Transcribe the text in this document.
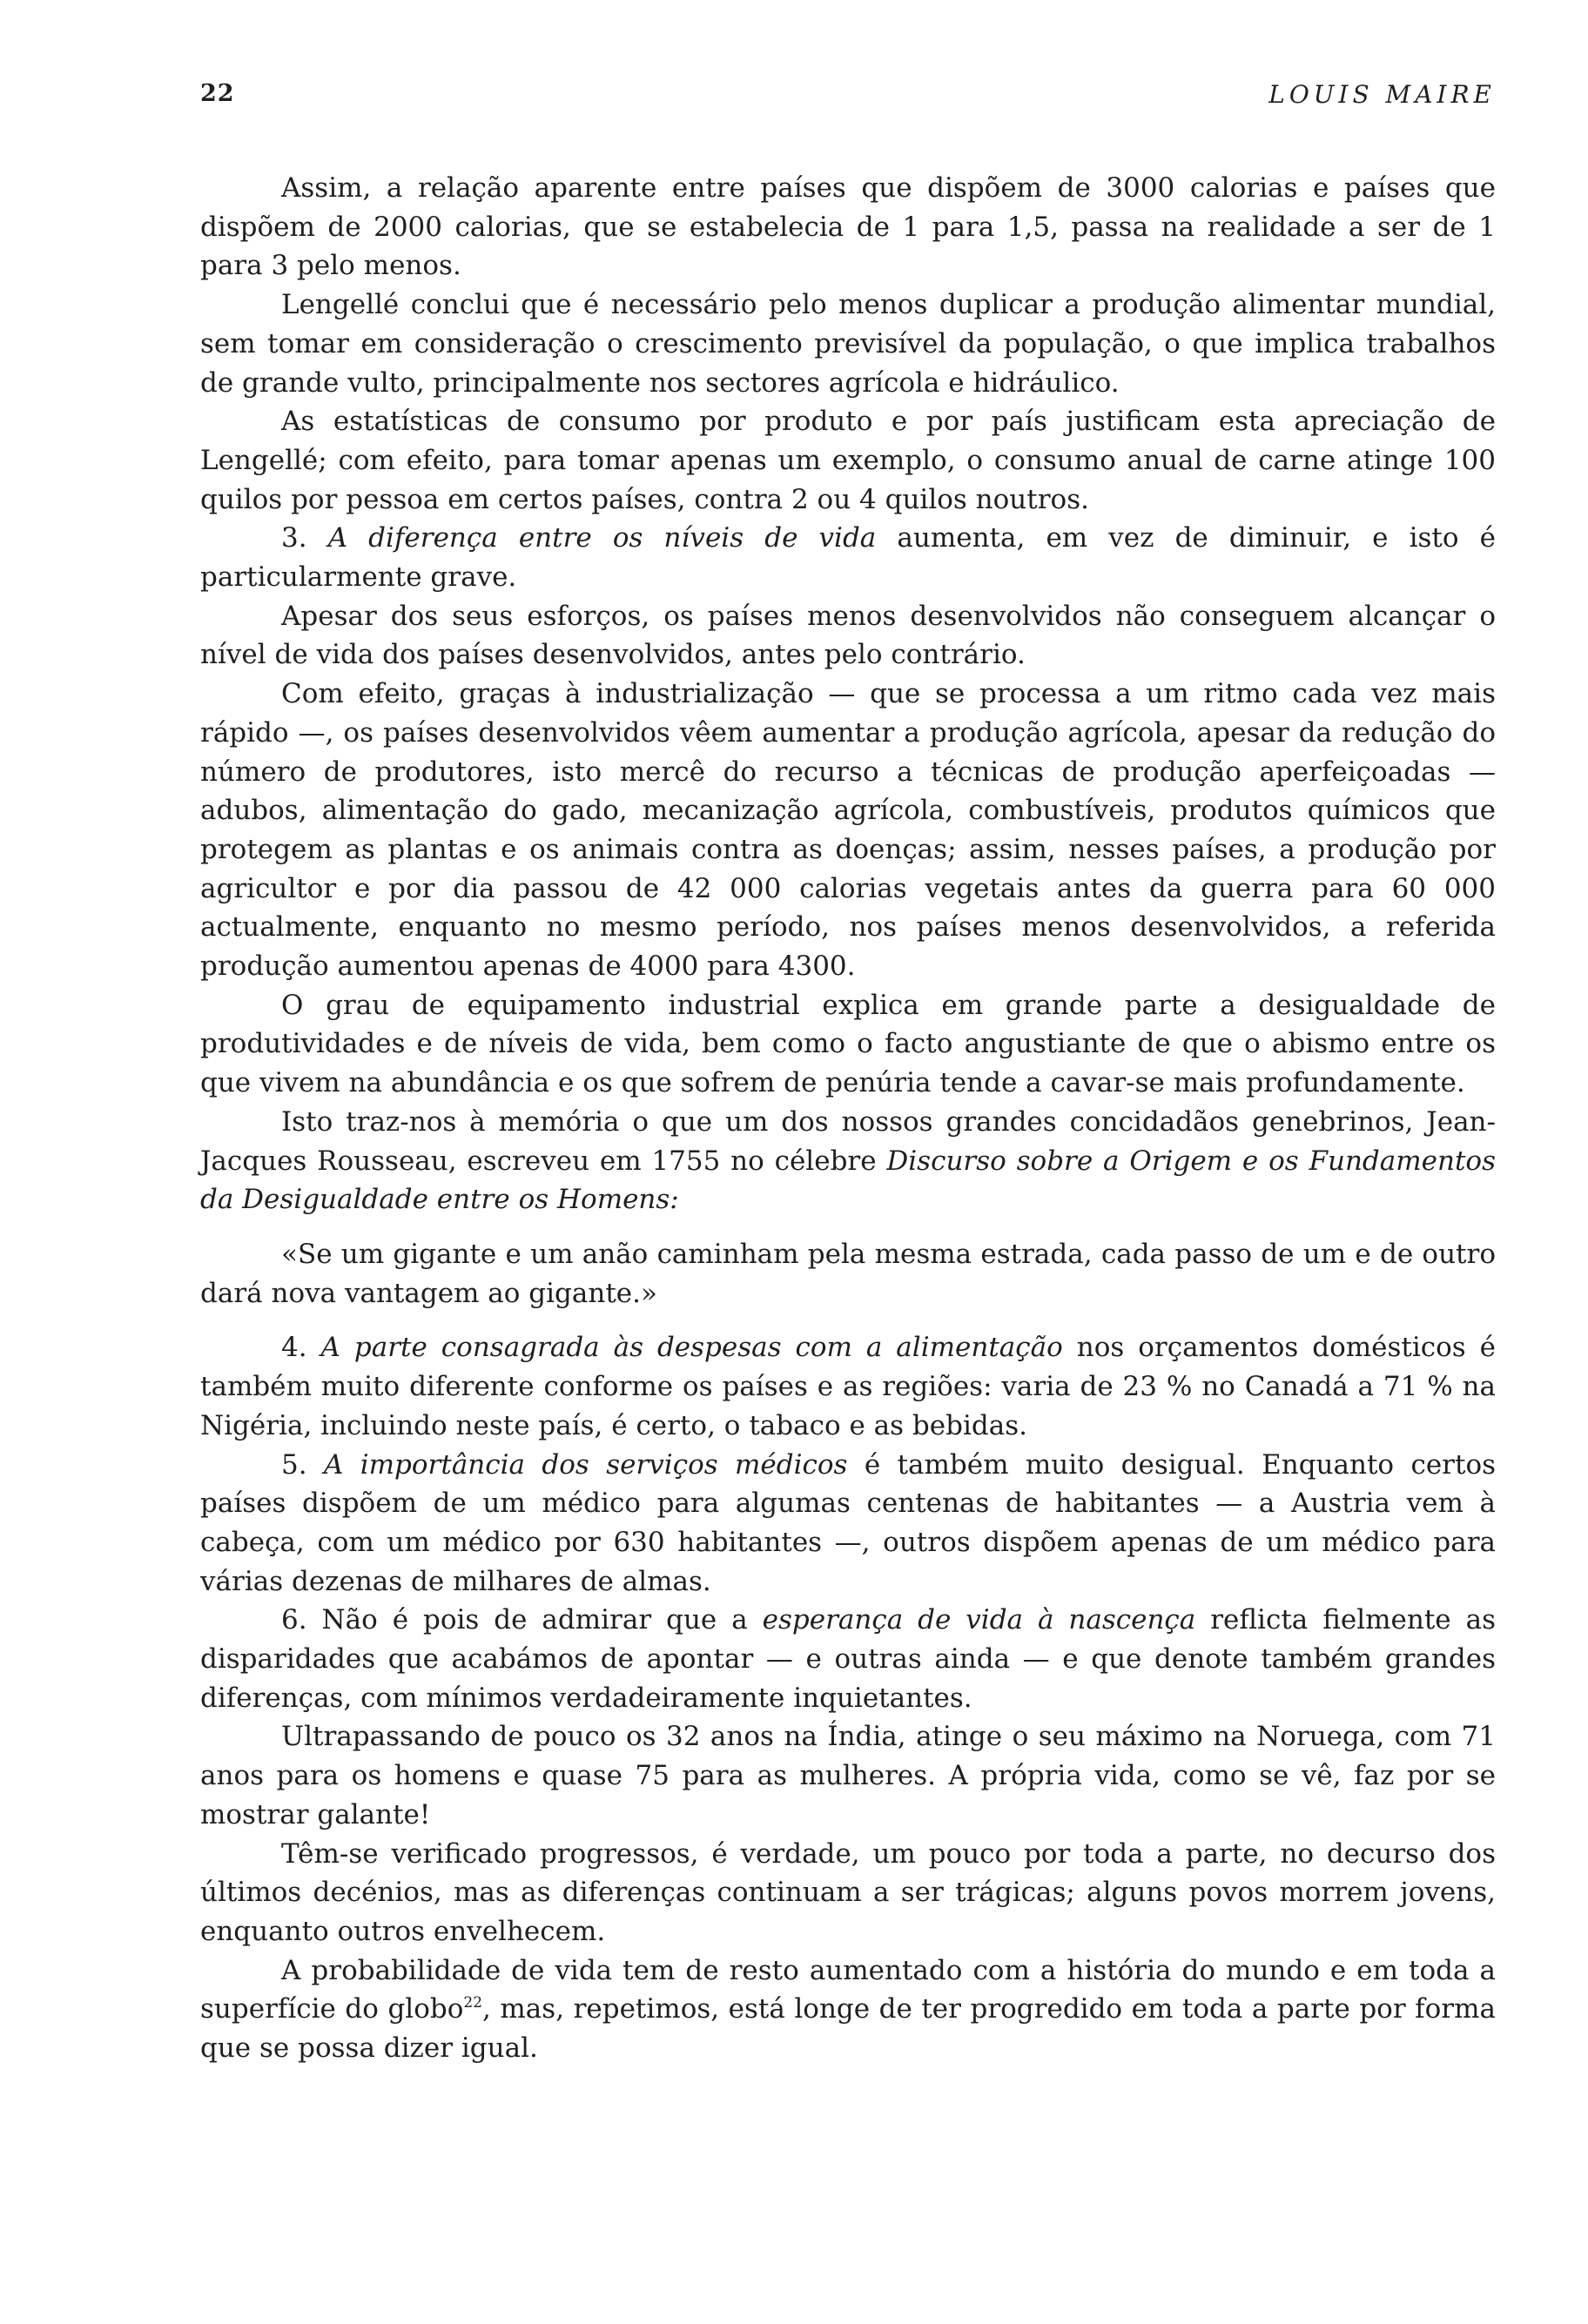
22	LOUIS MAIRE

Assim, a relação aparente entre países que dispõem de 3000 calorias e países que dispõem de 2000 calorias, que se estabelecia de 1 para 1,5, passa na realidade a ser de 1 para 3 pelo menos.

Lengellé conclui que é necessário pelo menos duplicar a produção alimentar mundial, sem tomar em consideração o crescimento previsível da população, o que implica trabalhos de grande vulto, principalmente nos sectores agrícola e hidráulico.

As estatísticas de consumo por produto e por país justificam esta apreciação de Lengellé; com efeito, para tomar apenas um exemplo, o consumo anual de carne atinge 100 quilos por pessoa em certos países, contra 2 ou 4 quilos noutros.

3. A diferença entre os níveis de vida aumenta, em vez de diminuir, e isto é particularmente grave.

Apesar dos seus esforços, os países menos desenvolvidos não conseguem alcançar o nível de vida dos países desenvolvidos, antes pelo contrário.

Com efeito, graças à industrialização — que se processa a um ritmo cada vez mais rápido —, os países desenvolvidos vêem aumentar a produção agrícola, apesar da redução do número de produtores, isto mercê do recurso a técnicas de produção aperfeiçoadas — adubos, alimentação do gado, mecanização agrícola, combustíveis, produtos químicos que protegem as plantas e os animais contra as doenças; assim, nesses países, a produção por agricultor e por dia passou de 42 000 calorias vegetais antes da guerra para 60 000 actualmente, enquanto no mesmo período, nos países menos desenvolvidos, a referida produção aumentou apenas de 4000 para 4300.

O grau de equipamento industrial explica em grande parte a desigualdade de produtividades e de níveis de vida, bem como o facto angustiante de que o abismo entre os que vivem na abundância e os que sofrem de penúria tende a cavar-se mais profundamente.

Isto traz-nos à memória o que um dos nossos grandes concidadãos genebrinos, Jean-Jacques Rousseau, escreveu em 1755 no célebre Discurso sobre a Origem e os Fundamentos da Desigualdade entre os Homens:

«Se um gigante e um anão caminham pela mesma estrada, cada passo de um e de outro dará nova vantagem ao gigante.»

4. A parte consagrada às despesas com a alimentação nos orçamentos domésticos é também muito diferente conforme os países e as regiões: varia de 23 % no Canadá a 71 % na Nigéria, incluindo neste país, é certo, o tabaco e as bebidas.

5. A importância dos serviços médicos é também muito desigual. Enquanto certos países dispõem de um médico para algumas centenas de habitantes — a Austria vem à cabeça, com um médico por 630 habitantes —, outros dispõem apenas de um médico para várias dezenas de milhares de almas.

6. Não é pois de admirar que a esperança de vida à nascença reflicta fielmente as disparidades que acabámos de apontar — e outras ainda — e que denote também grandes diferenças, com mínimos verdadeiramente inquietantes.

Ultrapassando de pouco os 32 anos na Índia, atinge o seu máximo na Noruega, com 71 anos para os homens e quase 75 para as mulheres. A própria vida, como se vê, faz por se mostrar galante!

Têm-se verificado progressos, é verdade, um pouco por toda a parte, no decurso dos últimos decénios, mas as diferenças continuam a ser trágicas; alguns povos morrem jovens, enquanto outros envelhecem.

A probabilidade de vida tem de resto aumentado com a história do mundo e em toda a superfície do globo$^{22}$, mas, repetimos, está longe de ter progredido em toda a parte por forma que se possa dizer igual.
